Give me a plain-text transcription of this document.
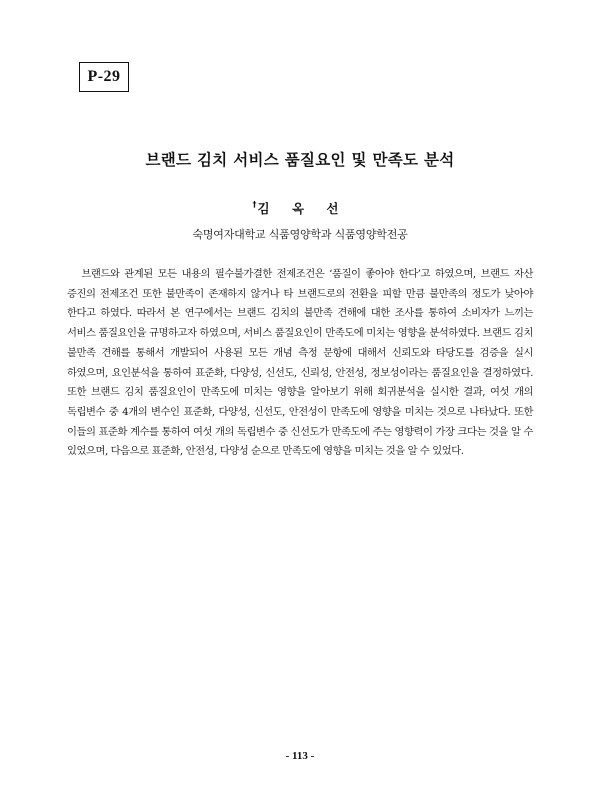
P-29
브랜드 김치 서비스 품질요인 및 만족도 분석
†김 옥 선
숙명여자대학교 식품영양학과 식품영양학전공

브랜드와 관계된 모든 내용의 필수불가결한 전제조건은 ‘품질이 좋아야 한다’고 하였으며, 브랜드 자산 증진의 전제조건 또한 불만족이 존재하지 않거나 타 브랜드로의 전환을 피할 만큼 불만족의 정도가 낮아야 한다고 하였다. 따라서 본 연구에서는 브랜드 김치의 불만족 견해에 대한 조사를 통하여 소비자가 느끼는 서비스 품질요인을 규명하고자 하였으며, 서비스 품질요인이 만족도에 미치는 영향을 분석하였다. 브랜드 김치 불만족 견해를 통해서 개발되어 사용된 모든 개념 측정 문항에 대해서 신뢰도와 타당도를 검증을 실시 하였으며, 요인분석을 통하여 표준화, 다양성, 신선도, 신뢰성, 안전성, 정보성이라는 품질요인을 결정하였다. 또한 브랜드 김치 품질요인이 만족도에 미치는 영향을 알아보기 위해 회귀분석을 실시한 결과, 여섯 개의 독립변수 중 4개의 변수인 표준화, 다양성, 신선도, 안전성이 만족도에 영향을 미치는 것으로 나타났다. 또한 이들의 표준화 계수를 통하여 여섯 개의 독립변수 중 신선도가 만족도에 주는 영향력이 가장 크다는 것을 알 수 있었으며, 다음으로 표준화, 안전성, 다양성 순으로 만족도에 영향을 미치는 것을 알 수 있었다.

- 113 -
